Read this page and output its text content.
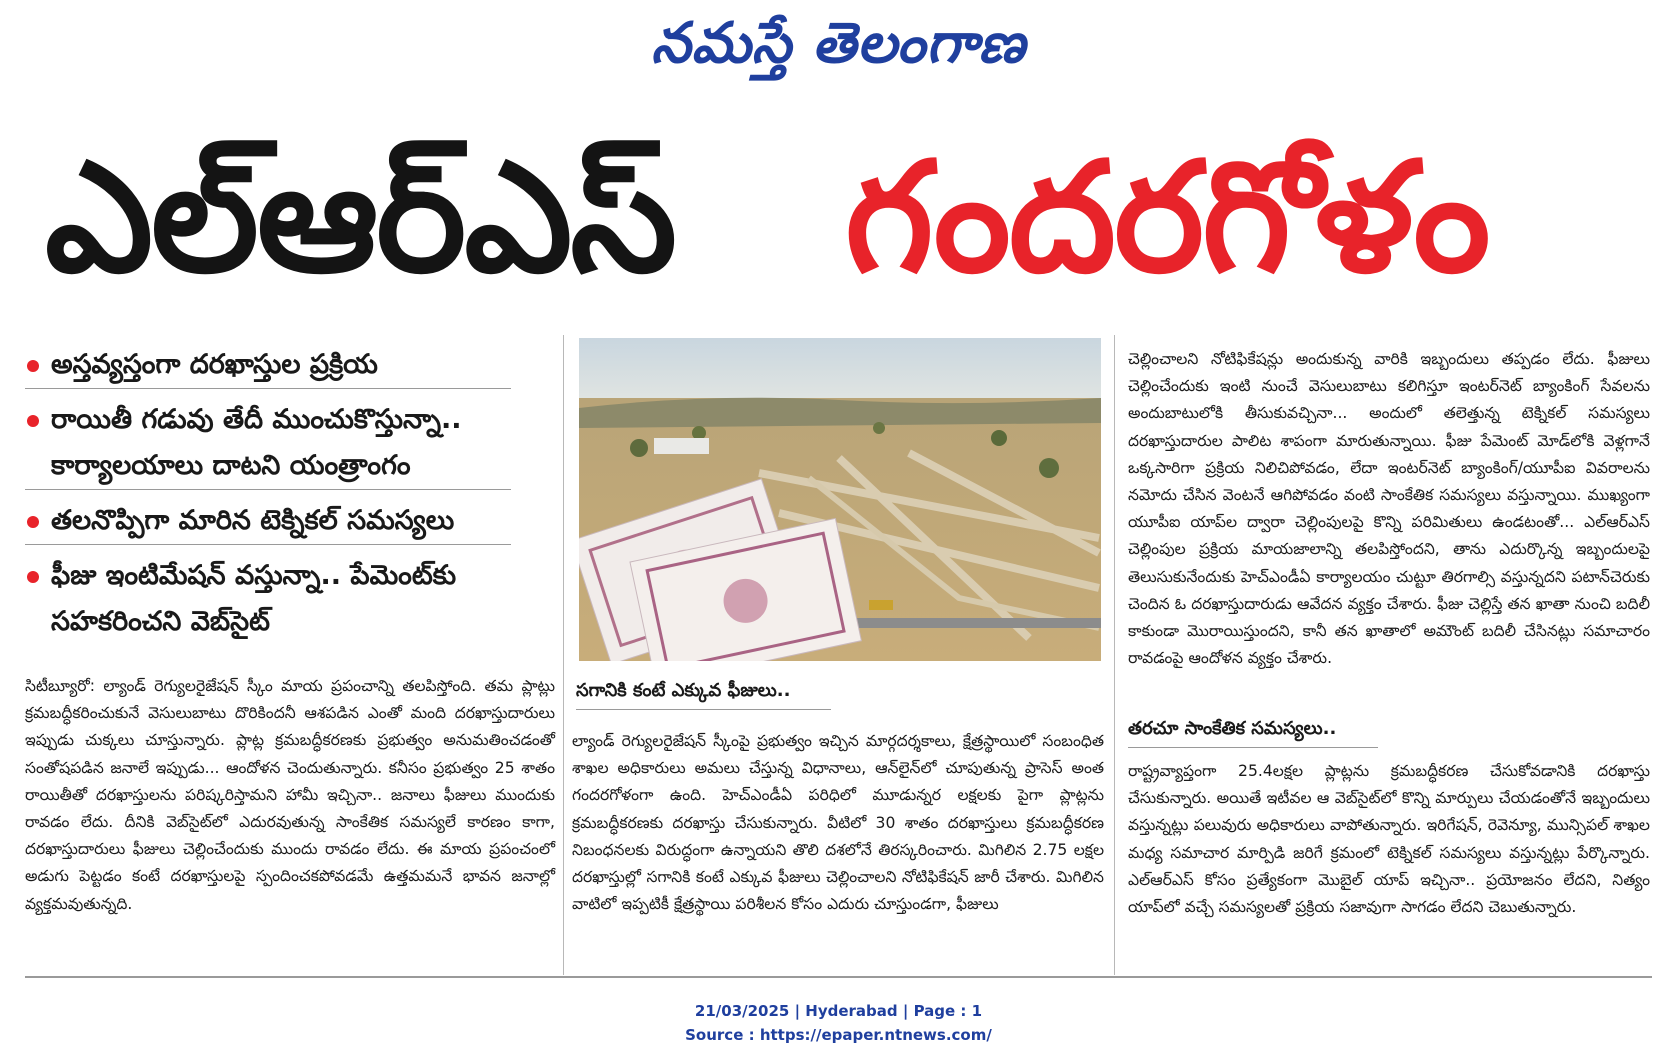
నమస్తే తెలంగాణ
ఎల్‌ఆర్‌ఎస్‌ గందరగోళం
అస్తవ్యస్తంగా దరఖాస్తుల ప్రక్రియ
రాయితీ గడువు తేదీ ముంచుకొస్తున్నా..
కార్యాలయాలు దాటని యంత్రాంగం
తలనొప్పిగా మారిన టెక్నికల్‌ సమస్యలు
ఫీజు ఇంటిమేషన్‌ వస్తున్నా.. పేమెంట్‌కు
సహకరించని వెబ్‌సైట్‌
సగానికి కంటే ఎక్కువ ఫీజులు..

సిటీబ్యూరో: ల్యాండ్‌ రెగ్యులరైజేషన్‌ స్కీం మాయ ప్రపంచాన్ని తలపిస్తోంది. తమ ప్లాట్లు క్రమబద్ధీకరించుకునే వెసులుబాటు దొరికిందనీ ఆశపడిన ఎంతో మంది దరఖాస్తుదారులు ఇప్పుడు చుక్కలు చూస్తున్నారు. ప్లాట్ల క్రమబద్ధీకరణకు ప్రభుత్వం అనుమతించడంతో సంతోషపడిన జనాలే ఇప్పుడు... ఆందోళన చెందుతున్నారు. కనీసం ప్రభుత్వం 25 శాతం రాయితీతో దరఖాస్తులను పరిష్కరిస్తామని హామీ ఇచ్చినా.. జనాలు ఫీజులు ముందుకు రావడం లేదు. దీనికి వెబ్‌సైట్‌లో ఎదురవుతున్న సాంకేతిక సమస్యలే కారణం కాగా, దరఖాస్తుదారులు ఫీజులు చెల్లించేందుకు ముందు రావడం లేదు. ఈ మాయ ప్రపంచంలో అడుగు పెట్టడం కంటే దరఖాస్తులపై స్పందించకపోవడమే ఉత్తమమనే భావన జనాల్లో వ్యక్తమవుతున్నది.

ల్యాండ్‌ రెగ్యులరైజేషన్‌ స్కీంపై ప్రభుత్వం ఇచ్చిన మార్గదర్శకాలు, క్షేత్రస్థాయిలో సంబంధిత శాఖల అధికారులు అమలు చేస్తున్న విధానాలు, ఆన్‌లైన్‌లో చూపుతున్న ప్రాసెస్‌ అంత గందరగోళంగా ఉంది. హెచ్‌ఎండీఏ పరిధిలో మూడున్నర లక్షలకు పైగా ప్లాట్లను క్రమబద్ధీకరణకు దరఖాస్తు చేసుకున్నారు. వీటిలో 30 శాతం దరఖాస్తులు క్రమబద్ధీకరణ నిబంధనలకు విరుద్ధంగా ఉన్నాయని తొలి దశలోనే తిరస్కరించారు. మిగిలిన 2.75 లక్షల దరఖాస్తుల్లో సగానికి కంటే ఎక్కువ ఫీజులు చెల్లించాలని నోటిఫికేషన్‌ జారీ చేశారు. మిగిలిన వాటిలో ఇప్పటికీ క్షేత్రస్థాయి పరిశీలన కోసం ఎదురు చూస్తుండగా, ఫీజులు

చెల్లించాలని నోటిఫికేషన్లు అందుకున్న వారికి ఇబ్బందులు తప్పడం లేదు. ఫీజులు చెల్లించేందుకు ఇంటి నుంచే వెసులుబాటు కలిగిస్తూ ఇంటర్‌నెట్‌ బ్యాంకింగ్‌ సేవలను అందుబాటులోకి తీసుకువచ్చినా... అందులో తలెత్తున్న టెక్నికల్‌ సమస్యలు దరఖాస్తుదారుల పాలిట శాపంగా మారుతున్నాయి. ఫీజు పేమెంట్‌ మోడ్‌లోకి వెళ్లగానే ఒక్కసారిగా ప్రక్రియ నిలిచిపోవడం, లేదా ఇంటర్‌నెట్‌ బ్యాంకింగ్‌/యూపీఐ వివరాలను నమోదు చేసిన వెంటనే ఆగిపోవడం వంటి సాంకేతిక సమస్యలు వస్తున్నాయి. ముఖ్యంగా యూపీఐ యాప్‌ల ద్వారా చెల్లింపులపై కొన్ని పరిమితులు ఉండటంతో... ఎల్‌ఆర్‌ఎస్‌ చెల్లింపుల ప్రక్రియ మాయజాలాన్ని తలపిస్తోందని, తాను ఎదుర్కొన్న ఇబ్బందులపై తెలుసుకునేందుకు హెచ్‌ఎండీఏ కార్యాలయం చుట్టూ తిరగాల్సి వస్తున్నదని పటాన్‌చెరుకు చెందిన ఓ దరఖాస్తుదారుడు ఆవేదన వ్యక్తం చేశారు. ఫీజు చెల్లిస్తే తన ఖాతా నుంచి బదిలీ కాకుండా మొరాయిస్తుందని, కానీ తన ఖాతాలో అమౌంట్‌ బదిలీ చేసినట్లు సమాచారం రావడంపై ఆందోళన వ్యక్తం చేశారు.

తరచూ సాంకేతిక సమస్యలు..

రాష్ట్రవ్యాప్తంగా 25.4లక్షల ప్లాట్లను క్రమబద్ధీకరణ చేసుకోవడానికి దరఖాస్తు చేసుకున్నారు. అయితే ఇటీవల ఆ వెబ్‌సైట్‌లో కొన్ని మార్పులు చేయడంతోనే ఇబ్బందులు వస్తున్నట్లు పలువురు అధికారులు వాపోతున్నారు. ఇరిగేషన్‌, రెవెన్యూ, మున్సిపల్‌ శాఖల మధ్య సమాచార మార్పిడి జరిగే క్రమంలో టెక్నికల్‌ సమస్యలు వస్తున్నట్లు పేర్కొన్నారు. ఎల్‌ఆర్‌ఎస్‌ కోసం ప్రత్యేకంగా మొబైల్‌ యాప్‌ ఇచ్చినా.. ప్రయోజనం లేదని, నిత్యం యాప్‌లో వచ్చే సమస్యలతో ప్రక్రియ సజావుగా సాగడం లేదని చెబుతున్నారు.

21/03/2025 | Hyderabad | Page : 1
Source : https://epaper.ntnews.com/
